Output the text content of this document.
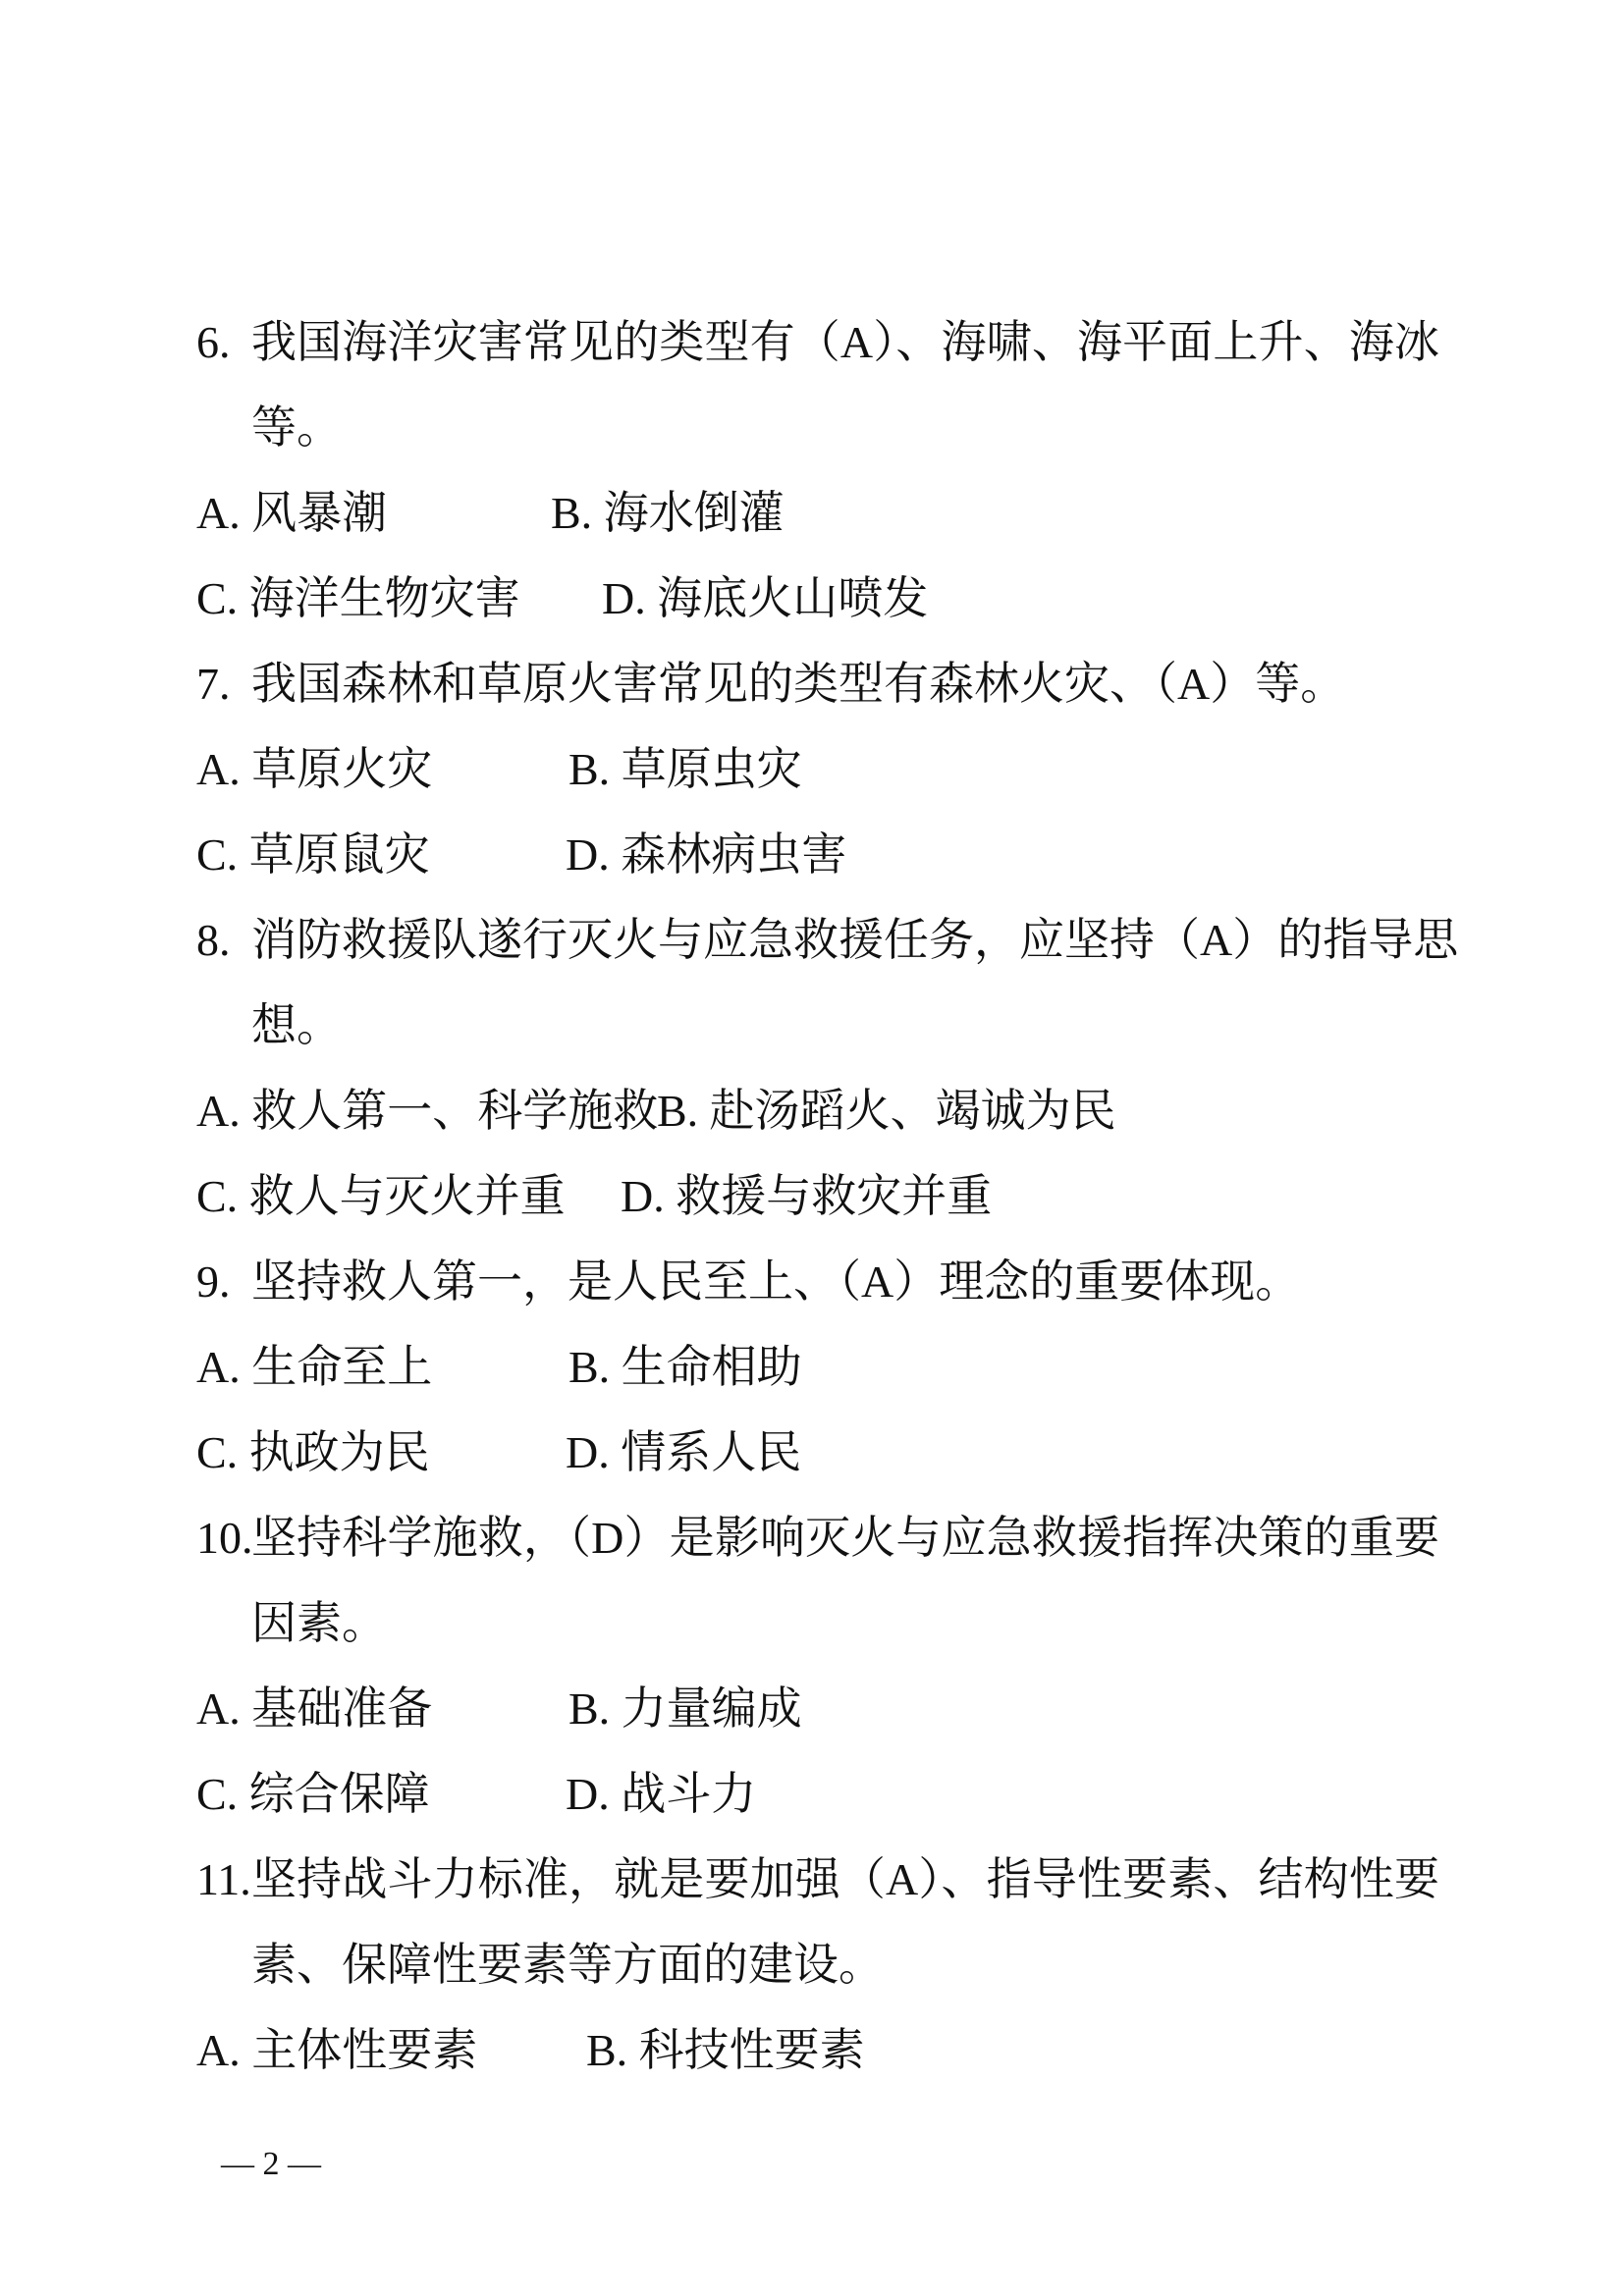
6. 我国海洋灾害常见的类型有（A）、海啸、海平面上升、海冰
等。
A. 风暴潮	B. 海水倒灌
C. 海洋生物灾害 D. 海底火山喷发
7. 我国森林和草原火害常见的类型有森林火灾、（A）等。
A. 草原火灾	B. 草原虫灾
C. 草原鼠灾	D. 森林病虫害
8. 消防救援队遂行灭火与应急救援任务，应坚持（A）的指导思
想。
A. 救人第一、科学施救
B. 赴汤蹈火、竭诚为民
C. 救人与灭火并重 D. 救援与救灾并重
9. 坚持救人第一，是人民至上、（A）理念的重要体现。
A. 生命至上	B. 生命相助
C. 执政为民	D. 情系人民
10.
坚持科学施救，（D）是影响灭火与应急救援指挥决策的重要
因素。
A. 基础准备	B. 力量编成
C. 综合保障	D. 战斗力
11. 坚持战斗力标准，就是要加强（A）、指导性要素、结构性要
素、保障性要素等方面的建设。
A. 主体性要素 B. 科技性要素
— 2 —
